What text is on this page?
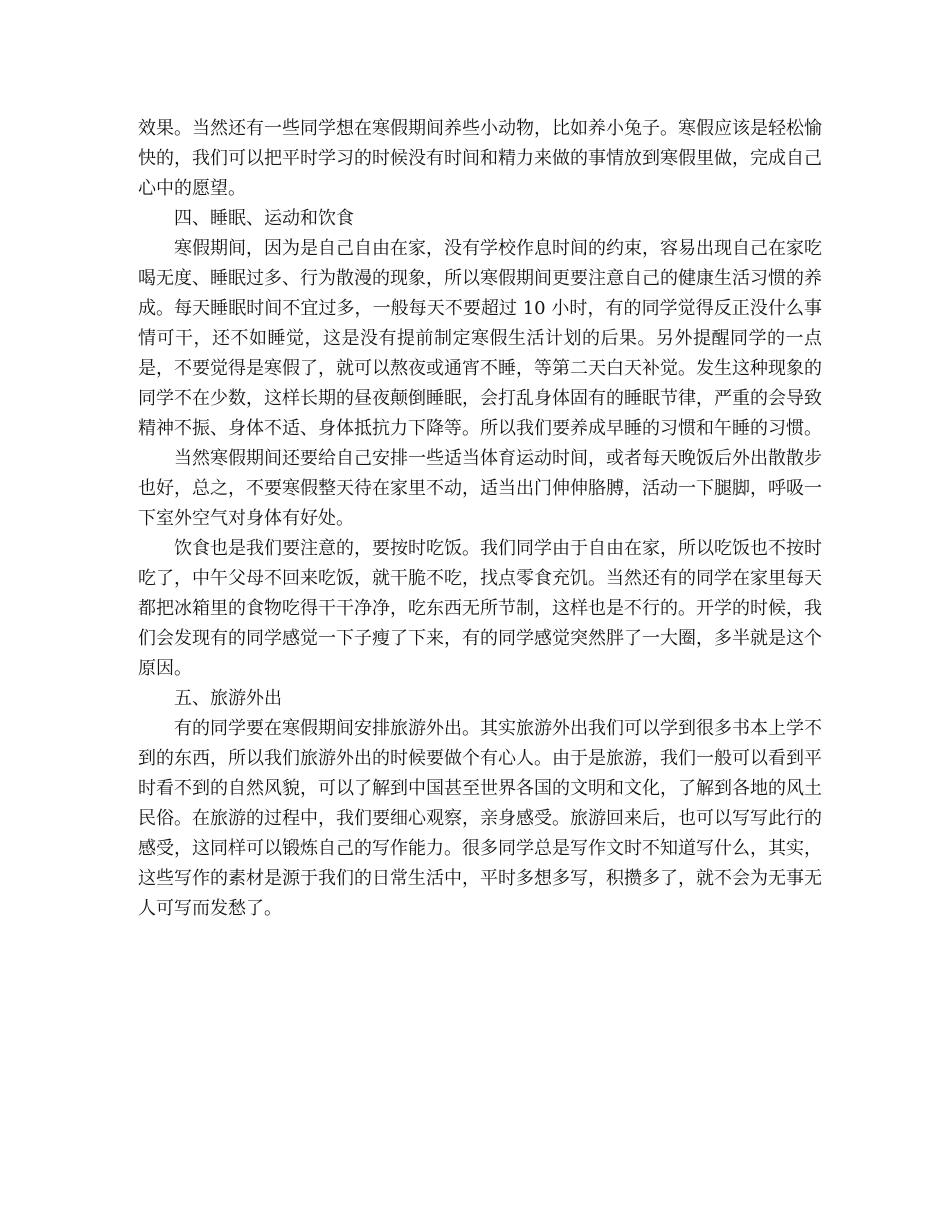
效果。当然还有一些同学想在寒假期间养些小动物，比如养小兔子。寒假应该是轻松愉快的，我们可以把平时学习的时候没有时间和精力来做的事情放到寒假里做，完成自己心中的愿望。

四、睡眠、运动和饮食

寒假期间，因为是自己自由在家，没有学校作息时间的约束，容易出现自己在家吃喝无度、睡眠过多、行为散漫的现象，所以寒假期间更要注意自己的健康生活习惯的养成。每天睡眠时间不宜过多，一般每天不要超过 10 小时，有的同学觉得反正没什么事情可干，还不如睡觉，这是没有提前制定寒假生活计划的后果。另外提醒同学的一点是，不要觉得是寒假了，就可以熬夜或通宵不睡，等第二天白天补觉。发生这种现象的同学不在少数，这样长期的昼夜颠倒睡眠，会打乱身体固有的睡眠节律，严重的会导致精神不振、身体不适、身体抵抗力下降等。所以我们要养成早睡的习惯和午睡的习惯。

当然寒假期间还要给自己安排一些适当体育运动时间，或者每天晚饭后外出散散步也好，总之，不要寒假整天待在家里不动，适当出门伸伸胳膊，活动一下腿脚，呼吸一下室外空气对身体有好处。

饮食也是我们要注意的，要按时吃饭。我们同学由于自由在家，所以吃饭也不按时吃了，中午父母不回来吃饭，就干脆不吃，找点零食充饥。当然还有的同学在家里每天都把冰箱里的食物吃得干干净净，吃东西无所节制，这样也是不行的。开学的时候，我们会发现有的同学感觉一下子瘦了下来，有的同学感觉突然胖了一大圈，多半就是这个原因。

五、旅游外出

有的同学要在寒假期间安排旅游外出。其实旅游外出我们可以学到很多书本上学不到的东西，所以我们旅游外出的时候要做个有心人。由于是旅游，我们一般可以看到平时看不到的自然风貌，可以了解到中国甚至世界各国的文明和文化，了解到各地的风土民俗。在旅游的过程中，我们要细心观察，亲身感受。旅游回来后，也可以写写此行的感受，这同样可以锻炼自己的写作能力。很多同学总是写作文时不知道写什么，其实，这些写作的素材是源于我们的日常生活中，平时多想多写，积攒多了，就不会为无事无人可写而发愁了。
